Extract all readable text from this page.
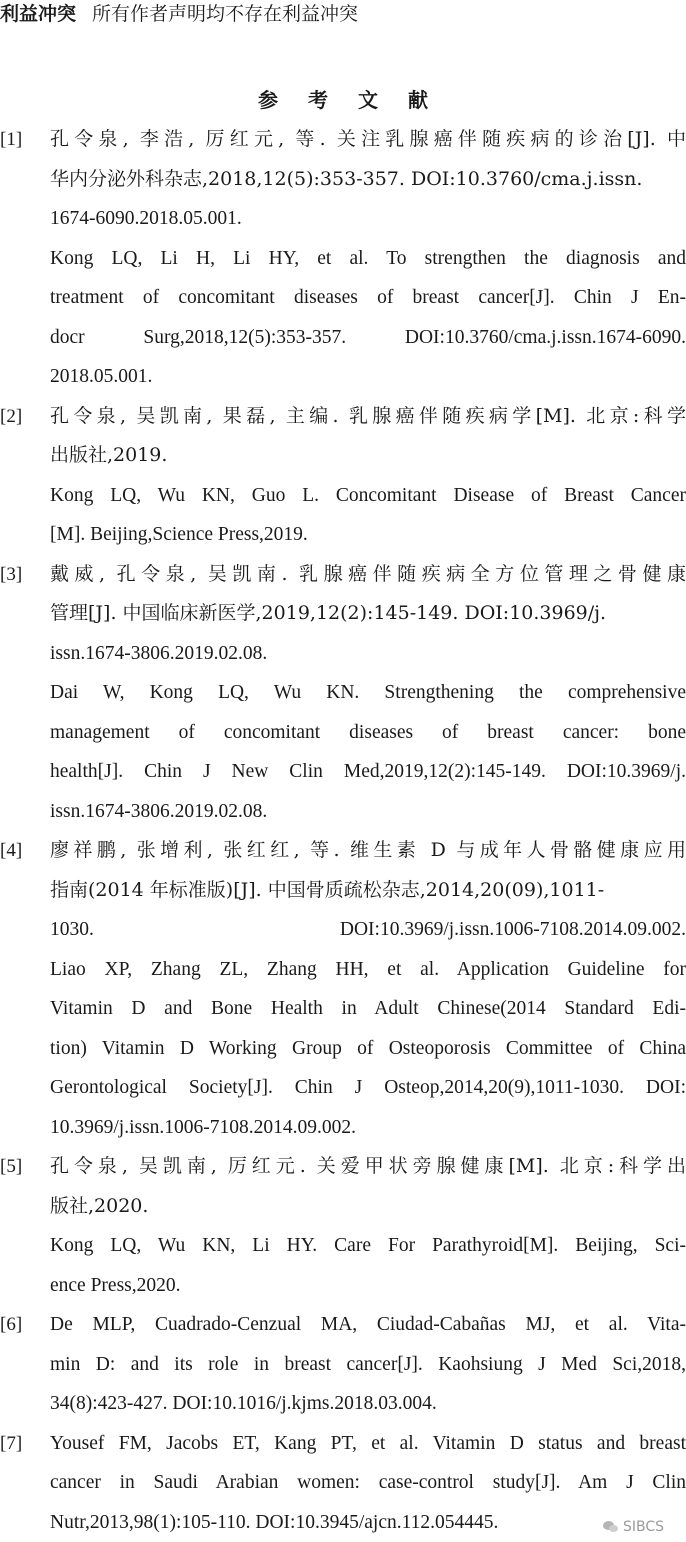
利益冲突 所有作者声明均不存在利益冲突
参考文献
[1]	孔令泉, 李浩, 厉红元, 等. 关注乳腺癌伴随疾病的诊治[J]. 中
华内分泌外科杂志,2018,12(5):353-357. DOI:10.3760/cma.j.issn.
1674-6090.2018.05.001.
Kong LQ, Li H, Li HY, et al. To strengthen the diagnosis and
treatment of concomitant diseases of breast cancer[J]. Chin J En-
docr Surg,2018,12(5):353-357. DOI:10.3760/cma.j.issn.1674-6090.
2018.05.001.
[2]	孔令泉, 吴凯南, 果磊, 主编. 乳腺癌伴随疾病学[M]. 北京:科学
出版社,2019.
Kong LQ, Wu KN, Guo L. Concomitant Disease of Breast Cancer
[M]. Beijing,Science Press,2019.
[3]	戴威, 孔令泉, 吴凯南. 乳腺癌伴随疾病全方位管理之骨健康
管理[J]. 中国临床新医学,2019,12(2):145-149. DOI:10.3969/j.
issn.1674-3806.2019.02.08.
Dai W, Kong LQ, Wu KN. Strengthening the comprehensive
management of concomitant diseases of breast cancer: bone
health[J]. Chin J New Clin Med,2019,12(2):145-149. DOI:10.3969/j.
issn.1674-3806.2019.02.08.
[4]	廖祥鹏, 张增利, 张红红, 等. 维生素 D 与成年人骨骼健康应用
指南(2014 年标准版)[J]. 中国骨质疏松杂志,2014,20(09),1011-
1030. DOI:10.3969/j.issn.1006-7108.2014.09.002.
Liao XP, Zhang ZL, Zhang HH, et al. Application Guideline for
Vitamin D and Bone Health in Adult Chinese(2014 Standard Edi-
tion) Vitamin D Working Group of Osteoporosis Committee of China
Gerontological Society[J]. Chin J Osteop,2014,20(9),1011-1030. DOI:
10.3969/j.issn.1006-7108.2014.09.002.
[5]	孔令泉, 吴凯南, 厉红元. 关爱甲状旁腺健康[M]. 北京:科学出
版社,2020.
Kong LQ, Wu KN, Li HY. Care For Parathyroid[M]. Beijing, Sci-
ence Press,2020.
[6]	De MLP, Cuadrado-Cenzual MA, Ciudad-Cabañas MJ, et al. Vita-
min D: and its role in breast cancer[J]. Kaohsiung J Med Sci,2018,
34(8):423-427. DOI:10.1016/j.kjms.2018.03.004.
[7]	Yousef FM, Jacobs ET, Kang PT, et al. Vitamin D status and breast
cancer in Saudi Arabian women: case-control study[J]. Am J Clin
Nutr,2013,98(1):105-110. DOI:10.3945/ajcn.112.054445.	SIBCS
